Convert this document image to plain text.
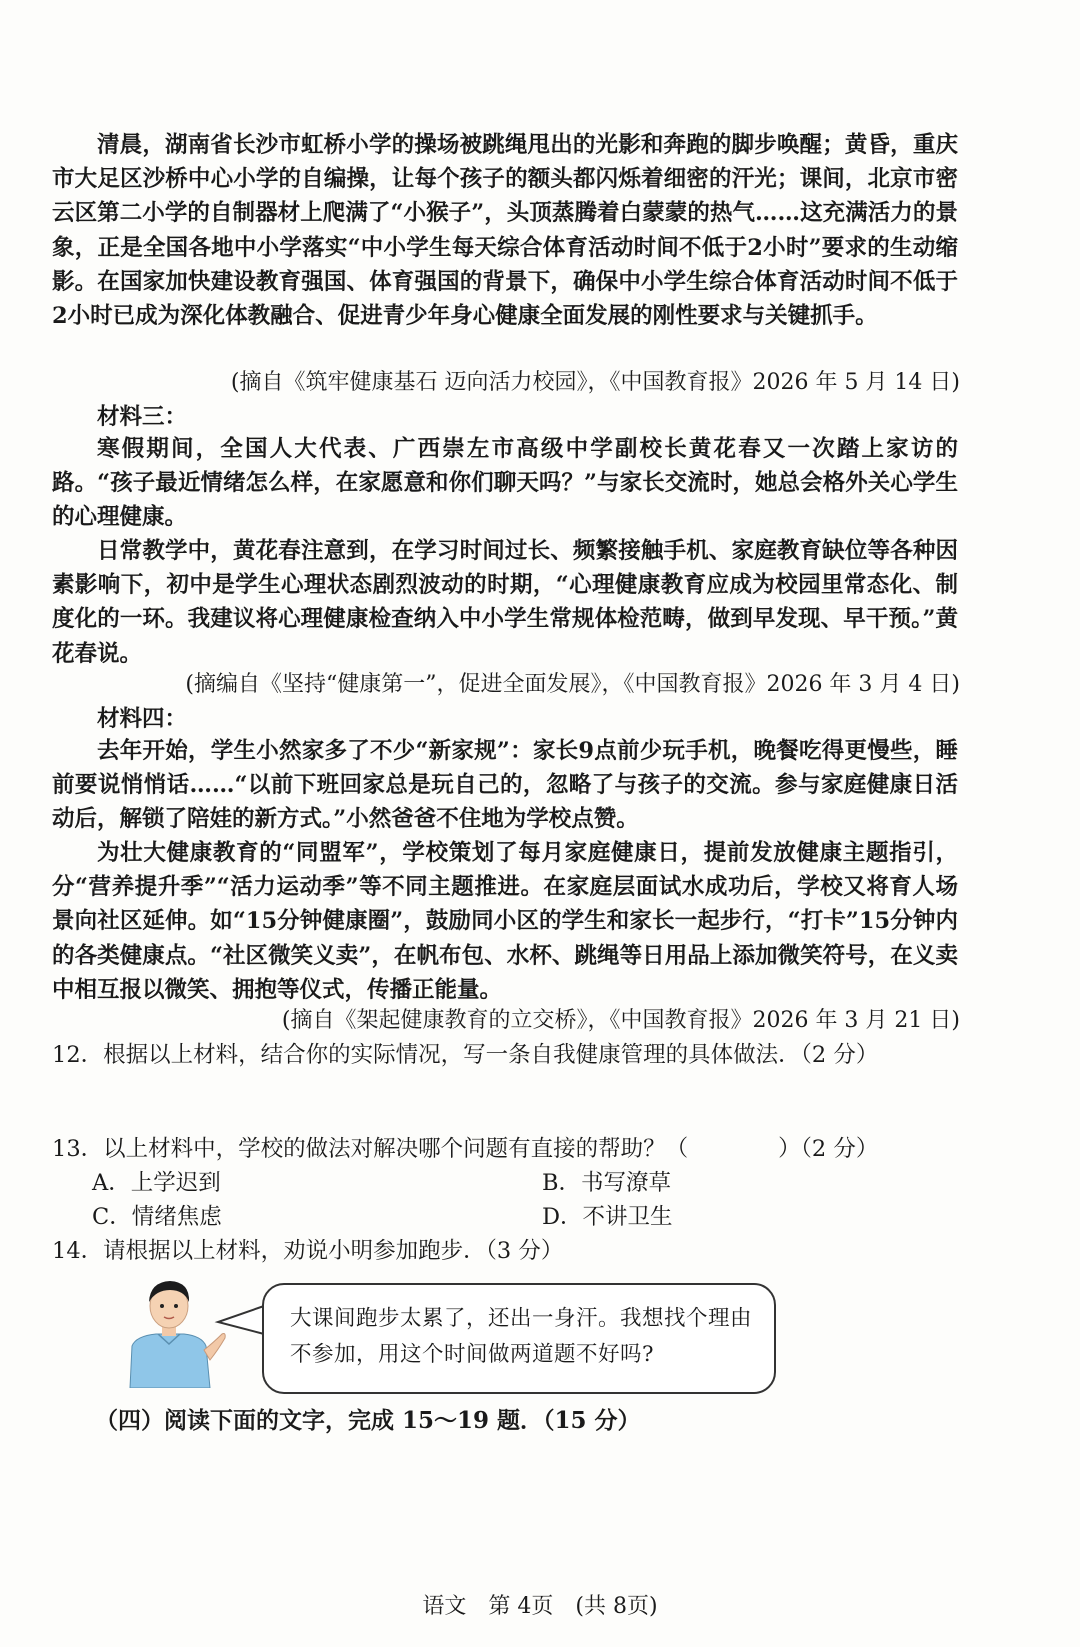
清晨，湖南省长沙市虹桥小学的操场被跳绳甩出的光影和奔跑的脚步唤醒；黄昏，重庆市大足区沙桥中心小学的自编操，让每个孩子的额头都闪烁着细密的汗光；课间，北京市密云区第二小学的自制器材上爬满了“小猴子”，头顶蒸腾着白蒙蒙的热气……这充满活力的景象，正是全国各地中小学落实“中小学生每天综合体育活动时间不低于2小时”要求的生动缩影。在国家加快建设教育强国、体育强国的背景下，确保中小学生综合体育活动时间不低于2小时已成为深化体教融合、促进青少年身心健康全面发展的刚性要求与关键抓手。

(摘自《筑牢健康基石 迈向活力校园》，《中国教育报》2026 年 5 月 14 日)

材料三：

寒假期间，全国人大代表、广西崇左市高级中学副校长黄花春又一次踏上家访的路。“孩子最近情绪怎么样，在家愿意和你们聊天吗？”与家长交流时，她总会格外关心学生的心理健康。

日常教学中，黄花春注意到，在学习时间过长、频繁接触手机、家庭教育缺位等各种因素影响下，初中是学生心理状态剧烈波动的时期，“心理健康教育应成为校园里常态化、制度化的一环。我建议将心理健康检查纳入中小学生常规体检范畴，做到早发现、早干预。”黄花春说。

(摘编自《坚持“健康第一”，促进全面发展》，《中国教育报》2026 年 3 月 4 日)

材料四：

去年开始，学生小然家多了不少“新家规”：家长9点前少玩手机，晚餐吃得更慢些，睡前要说悄悄话……“以前下班回家总是玩自己的，忽略了与孩子的交流。参与家庭健康日活动后，解锁了陪娃的新方式。”小然爸爸不住地为学校点赞。

为壮大健康教育的“同盟军”，学校策划了每月家庭健康日，提前发放健康主题指引，分“营养提升季”“活力运动季”等不同主题推进。在家庭层面试水成功后，学校又将育人场景向社区延伸。如“15分钟健康圈”，鼓励同小区的学生和家长一起步行，“打卡”15分钟内的各类健康点。“社区微笑义卖”，在帆布包、水杯、跳绳等日用品上添加微笑符号，在义卖中相互报以微笑、拥抱等仪式，传播正能量。

(摘自《架起健康教育的立交桥》，《中国教育报》2026 年 3 月 21 日)

12．根据以上材料，结合你的实际情况，写一条自我健康管理的具体做法．（2 分）

13．以上材料中，学校的做法对解决哪个问题有直接的帮助？（　　　　）（2 分）

A．上学迟到	B．书写潦草

C．情绪焦虑	D．不讲卫生

14．请根据以上材料，劝说小明参加跑步．（3 分）

大课间跑步太累了，还出一身汗。我想找个理由不参加，用这个时间做两道题不好吗?

（四）阅读下面的文字，完成 15～19 题．（15 分）

语文　第 4页　(共 8页)
